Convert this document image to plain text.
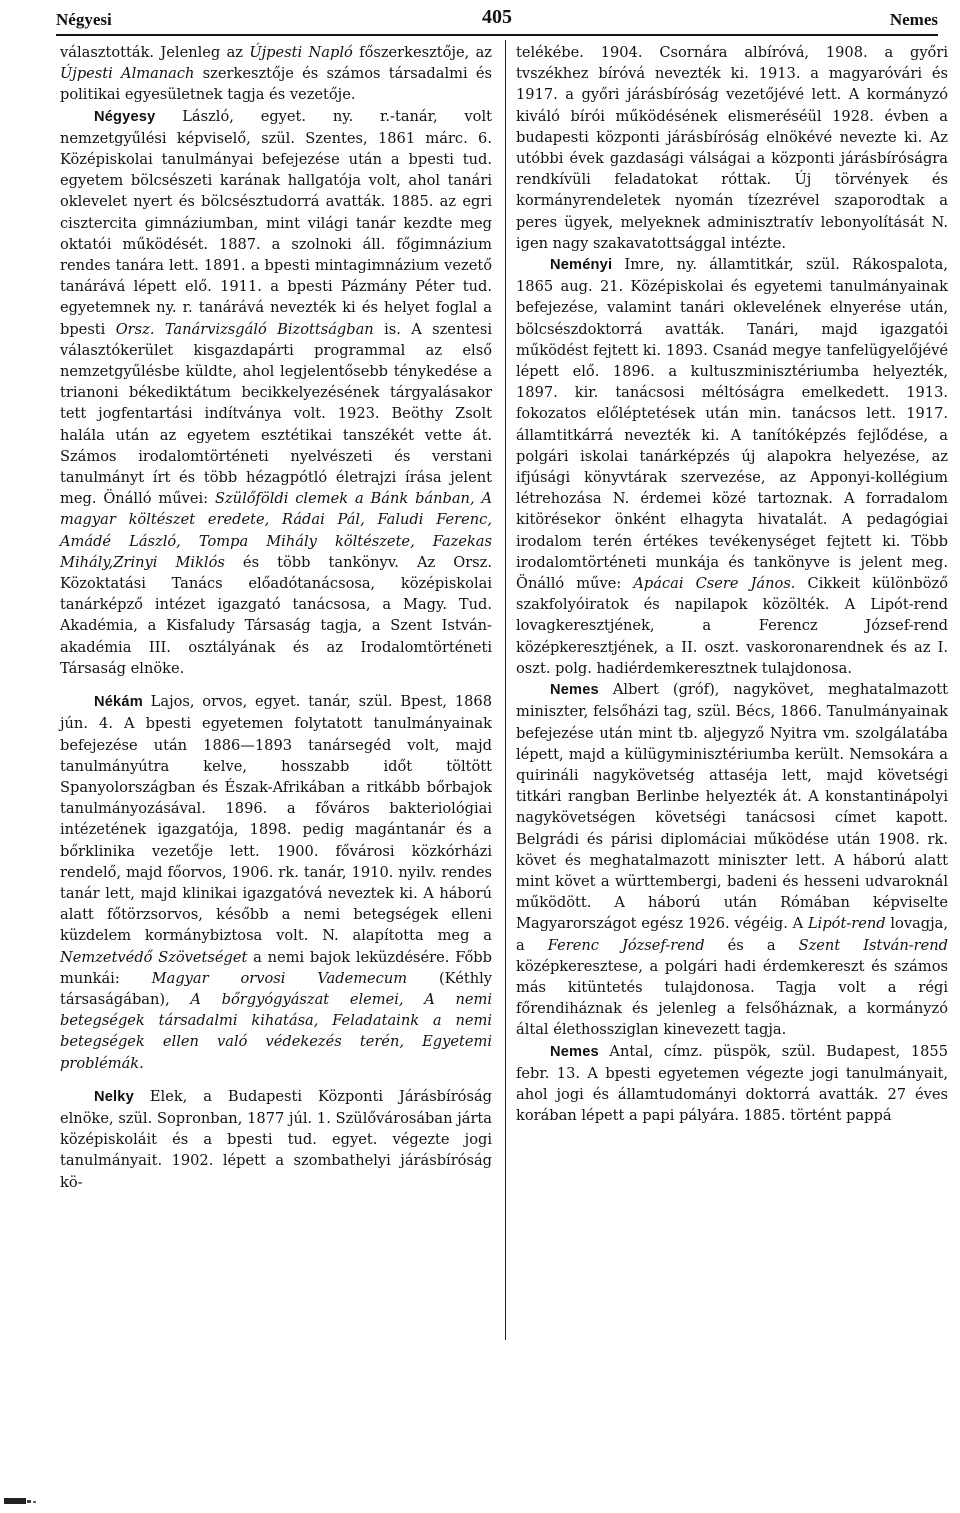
Négyesi	405	Nemes

választották. Jelenleg az Újpesti Napló főszerkesztője, az Újpesti Almanach szerkesztője és számos társadalmi és politikai egyesületnek tagja és vezetője.

Négyesy László, egyet. ny. r.-tanár, volt nemzetgyűlési képviselő, szül. Szentes, 1861 márc. 6. Középiskolai tanulmányai befejezése után a bpesti tud. egyetem bölcsészeti karának hallgatója volt, ahol tanári oklevelet nyert és bölcsésztudorrá avatták. 1885. az egri cisztercita gimnáziumban, mint világi tanár kezdte meg oktatói működését. 1887. a szolnoki áll. főgimnázium rendes tanára lett. 1891. a bpesti mintagimnázium vezető tanárává lépett elő. 1911. a bpesti Pázmány Péter tud. egyetemnek ny. r. tanárává nevezték ki és helyet foglal a bpesti Orsz. Tanárvizsgáló Bizottságban is. A szentesi választókerület kisgazdapárti programmal az első nemzetgyűlésbe küldte, ahol legjelentősebb ténykedése a trianoni békediktátum becikkelyezésének tárgyalásakor tett jogfentartási indítványa volt. 1923. Beöthy Zsolt halála után az egyetem esztétikai tanszékét vette át. Számos irodalomtörténeti nyelvészeti és verstani tanulmányt írt és több hézagpótló életrajzi írása jelent meg. Önálló művei: Szülőföldi clemek a Bánk bánban, A magyar költészet eredete, Rádai Pál, Faludi Ferenc, Amádé László, Tompa Mihály költészete, Fazekas Mihály,Zrinyi Miklós és több tankönyv. Az Orsz. Közoktatási Tanács előadótanácsosa, középiskolai tanárképző intézet igazgató tanácsosa, a Magy. Tud. Akadémia, a Kisfaludy Társaság tagja, a Szent István-akadémia III. osztályának és az Irodalomtörténeti Társaság elnöke.

Nékám Lajos, orvos, egyet. tanár, szül. Bpest, 1868 jún. 4. A bpesti egyetemen folytatott tanulmányainak befejezése után 1886—1893 tanársegéd volt, majd tanulmányútra kelve, hosszabb időt töltött Spanyolországban és Észak-Afrikában a ritkább bőrbajok tanulmányozásával. 1896. a főváros bakteriológiai intézetének igazgatója, 1898. pedig magántanár és a bőrklinika vezetője lett. 1900. fővárosi közkórházi rendelő, majd főorvos, 1906. rk. tanár, 1910. nyilv. rendes tanár lett, majd klinikai igazgatóvá neveztek ki. A háború alatt főtörzsorvos, később a nemi betegségek elleni küzdelem kormánybiztosa volt. N. alapította meg a Nemzetvédő Szövetséget a nemi bajok leküzdésére. Főbb munkái: Magyar orvosi Vademecum (Kéthly társaságában), A bőrgyógyászat elemei, A nemi betegségek társadalmi kihatása, Feladataink a nemi betegségek ellen való védekezés terén, Egyetemi problémák.

Nelky Elek, a Budapesti Központi Járásbíróság elnöke, szül. Sopronban, 1877 júl. 1. Szülővárosában járta középiskoláit és a bpesti tud. egyet. végezte jogi tanulmányait. 1902. lépett a szombathelyi járásbíróság kö-

telékébe. 1904. Csornára albíróvá, 1908. a győri tvszékhez bíróvá nevezték ki. 1913. a magyaróvári és 1917. a győri járásbíróság vezetőjévé lett. A kormányzó kiváló bírói működésének elismeréséül 1928. évben a budapesti központi járásbíróság elnökévé nevezte ki. Az utóbbi évek gazdasági válságai a központi járásbíróságra rendkívüli feladatokat róttak. Új törvények és kormányrendeletek nyomán tízezrével szaporodtak a peres ügyek, melyeknek adminisztratív lebonyolítását N. igen nagy szakavatottsággal intézte.

Neményi Imre, ny. államtitkár, szül. Rákospalota, 1865 aug. 21. Középiskolai és egyetemi tanulmányainak befejezése, valamint tanári oklevelének elnyerése után, bölcsészdoktorrá avatták. Tanári, majd igazgatói működést fejtett ki. 1893. Csanád megye tanfelügyelőjévé lépett elő. 1896. a kultuszminisztériumba helyezték, 1897. kir. tanácsosi méltóságra emelkedett. 1913. fokozatos előléptetések után min. tanácsos lett. 1917. államtitkárrá nevezték ki. A tanítóképzés fejlődése, a polgári iskolai tanárképzés új alapokra helyezése, az ifjúsági könyvtárak szervezése, az Apponyi-kollégium létrehozása N. érdemei közé tartoznak. A forradalom kitörésekor önként elhagyta hivatalát. A pedagógiai irodalom terén értékes tevékenységet fejtett ki. Több irodalomtörténeti munkája és tankönyve is jelent meg. Önálló műve: Apácai Csere János. Cikkeit különböző szakfolyóiratok és napilapok közölték. A Lipót-rend lovagkeresztjének, a Ferencz József-rend középkeresztjének, a II. oszt. vaskoronarendnek és az I. oszt. polg. hadiérdemkeresztnek tulajdonosa.

Nemes Albert (gróf), nagykövet, meghatalmazott miniszter, felsőházi tag, szül. Bécs, 1866. Tanulmányainak befejezése után mint tb. aljegyző Nyitra vm. szolgálatába lépett, majd a külügyminisztériumba került. Nemsokára a quirináli nagykövetség attaséja lett, majd követségi titkári rangban Berlinbe helyezték át. A konstantinápolyi nagykövetségen követségi tanácsosi címet kapott. Belgrádi és párisi diplomáciai működése után 1908. rk. követ és meghatalmazott miniszter lett. A háború alatt mint követ a württembergi, badeni és hesseni udvaroknál működött. A háború után Rómában képviselte Magyarországot egész 1926. végéig. A Lipót-rend lovagja, a Ferenc József-rend és a Szent István-rend középkeresztese, a polgári hadi érdemkereszt és számos más kitüntetés tulajdonosa. Tagja volt a régi főrendiháznak és jelenleg a felsőháznak, a kormányzó által élethossziglan kinevezett tagja.

Nemes Antal, címz. püspök, szül. Budapest, 1855 febr. 13. A bpesti egyetemen végezte jogi tanulmányait, ahol jogi és államtudományi doktorrá avatták. 27 éves korában lépett a papi pályára. 1885. történt pappá
